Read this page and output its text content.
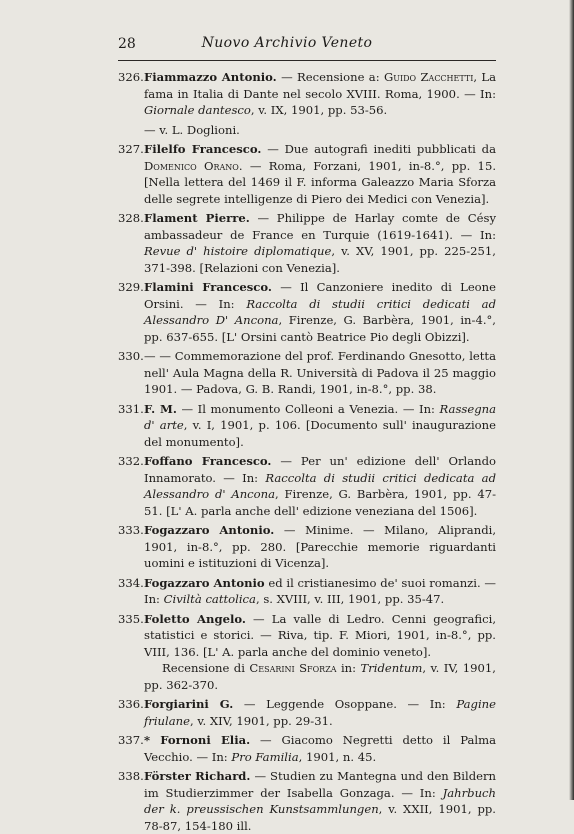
28	Nuovo Archivio Veneto
326. Fiammazzo Antonio. — Recensione a: Guido Zacchetti, La fama in Italia di Dante nel secolo XVIII. Roma, 1900. — In: Giornale dantesco, v. IX, 1901, pp. 53-56.
— v. L. Doglioni.
327. Filelfo Francesco. — Due autografi inediti pubblicati da Domenico Orano. — Roma, Forzani, 1901, in-8.°, pp. 15. [Nella lettera del 1469 il F. informa Galeazzo Maria Sforza delle segrete intelligenze di Piero dei Medici con Venezia].
328. Flament Pierre. — Philippe de Harlay comte de Césy ambassadeur de France en Turquie (1619-1641). — In: Revue d' histoire diplomatique, v. XV, 1901, pp. 225-251, 371-398. [Relazioni con Venezia].
329. Flamini Francesco. — Il Canzoniere inedito di Leone Orsini. — In: Raccolta di studii critici dedicati ad Alessandro D' Ancona, Firenze, G. Barbèra, 1901, in-4.°, pp. 637-655. [L' Orsini cantò Beatrice Pio degli Obizzi].
330. — — Commemorazione del prof. Ferdinando Gnesotto, letta nell' Aula Magna della R. Università di Padova il 25 maggio 1901. — Padova, G. B. Randi, 1901, in-8.°, pp. 38.
331. F. M. — Il monumento Colleoni a Venezia. — In: Rassegna d' arte, v. I, 1901, p. 106. [Documento sull' inaugurazione del monumento].
332. Foffano Francesco. — Per un' edizione dell' Orlando Innamorato. — In: Raccolta di studii critici dedicata ad Alessandro d' Ancona, Firenze, G. Barbèra, 1901, pp. 47-51. [L' A. parla anche dell' edizione veneziana del 1506].
333. Fogazzaro Antonio. — Minime. — Milano, Aliprandi, 1901, in-8.°, pp. 280. [Parecchie memorie riguardanti uomini e istituzioni di Vicenza].
334. Fogazzaro Antonio ed il cristianesimo de' suoi romanzi. — In: Civiltà cattolica, s. XVIII, v. III, 1901, pp. 35-47.
335. Foletto Angelo. — La valle di Ledro. Cenni geografici, statistici e storici. — Riva, tip. F. Miori, 1901, in-8.°, pp. VIII, 136. [L' A. parla anche del dominio veneto].
Recensione di Cesarini Sforza in: Tridentum, v. IV, 1901, pp. 362-370.
336. Forgiarini G. — Leggende Osoppane. — In: Pagine friulane, v. XIV, 1901, pp. 29-31.
337. * Fornoni Elia. — Giacomo Negretti detto il Palma Vecchio. — In: Pro Familia, 1901, n. 45.
338. Förster Richard. — Studien zu Mantegna und den Bildern im Studierzimmer der Isabella Gonzaga. — In: Jahrbuch der k. preussischen Kunstsammlungen, v. XXII, 1901, pp. 78-87, 154-180 ill.
